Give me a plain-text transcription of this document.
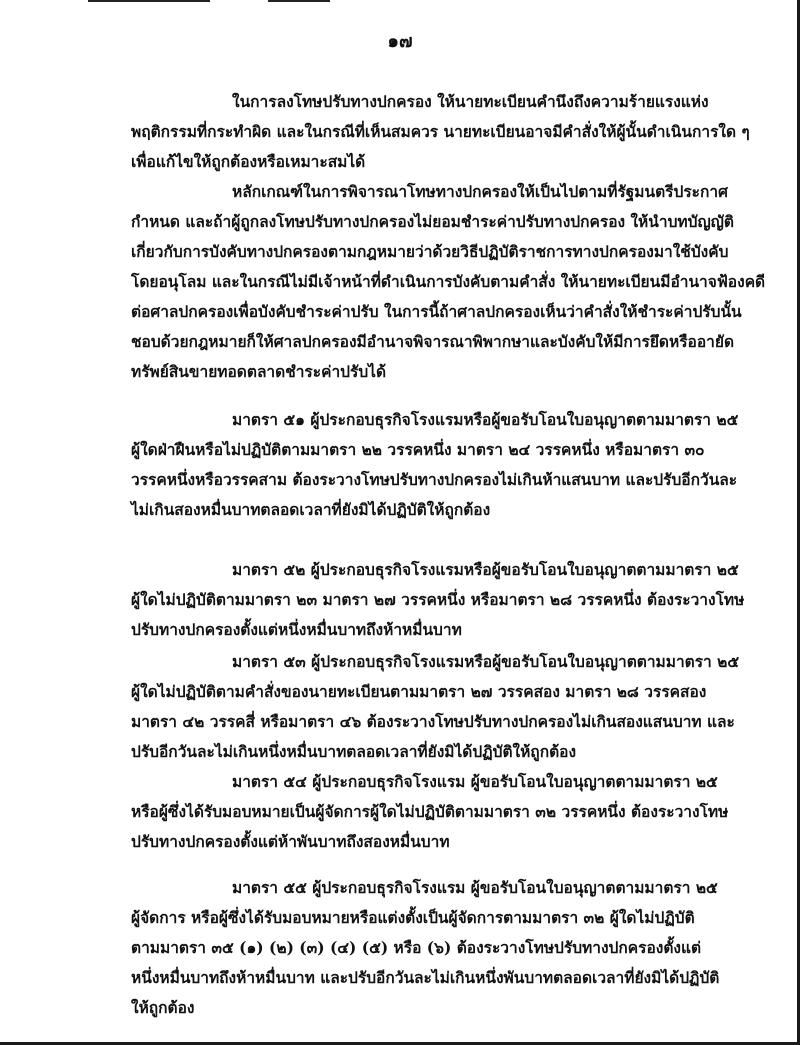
๑๗
ในการลงโทษปรับทางปกครอง ให้นายทะเบียนคำนึงถึงความร้ายแรงแห่ง
พฤติกรรมที่กระทำผิด และในกรณีที่เห็นสมควร นายทะเบียนอาจมีคำสั่งให้ผู้นั้นดำเนินการใด ๆ
เพื่อแก้ไขให้ถูกต้องหรือเหมาะสมได้
หลักเกณฑ์ในการพิจารณาโทษทางปกครองให้เป็นไปตามที่รัฐมนตรีประกาศ
กำหนด และถ้าผู้ถูกลงโทษปรับทางปกครองไม่ยอมชำระค่าปรับทางปกครอง ให้นำบทบัญญัติ
เกี่ยวกับการบังคับทางปกครองตามกฎหมายว่าด้วยวิธีปฏิบัติราชการทางปกครองมาใช้บังคับ
โดยอนุโลม และในกรณีไม่มีเจ้าหน้าที่ดำเนินการบังคับตามคำสั่ง ให้นายทะเบียนมีอำนาจฟ้องคดี
ต่อศาลปกครองเพื่อบังคับชำระค่าปรับ ในการนี้ถ้าศาลปกครองเห็นว่าคำสั่งให้ชำระค่าปรับนั้น
ชอบด้วยกฎหมายก็ให้ศาลปกครองมีอำนาจพิจารณาพิพากษาและบังคับให้มีการยึดหรืออายัด
ทรัพย์สินขายทอดตลาดชำระค่าปรับได้
มาตรา ๕๑ ผู้ประกอบธุรกิจโรงแรมหรือผู้ขอรับโอนใบอนุญาตตามมาตรา ๒๕
ผู้ใดฝ่าฝืนหรือไม่ปฏิบัติตามมาตรา ๒๒ วรรคหนึ่ง มาตรา ๒๔ วรรคหนึ่ง หรือมาตรา ๓๐
วรรคหนึ่งหรือวรรคสาม ต้องระวางโทษปรับทางปกครองไม่เกินห้าแสนบาท และปรับอีกวันละ
ไม่เกินสองหมื่นบาทตลอดเวลาที่ยังมิได้ปฏิบัติให้ถูกต้อง
มาตรา ๕๒ ผู้ประกอบธุรกิจโรงแรมหรือผู้ขอรับโอนใบอนุญาตตามมาตรา ๒๕
ผู้ใดไม่ปฏิบัติตามมาตรา ๒๓ มาตรา ๒๗ วรรคหนึ่ง หรือมาตรา ๒๘ วรรคหนึ่ง ต้องระวางโทษ
ปรับทางปกครองตั้งแต่หนึ่งหมื่นบาทถึงห้าหมื่นบาท
มาตรา ๕๓ ผู้ประกอบธุรกิจโรงแรมหรือผู้ขอรับโอนใบอนุญาตตามมาตรา ๒๕
ผู้ใดไม่ปฏิบัติตามคำสั่งของนายทะเบียนตามมาตรา ๒๗ วรรคสอง มาตรา ๒๘ วรรคสอง
มาตรา ๔๒ วรรคสี่ หรือมาตรา ๔๖ ต้องระวางโทษปรับทางปกครองไม่เกินสองแสนบาท และ
ปรับอีกวันละไม่เกินหนึ่งหมื่นบาทตลอดเวลาที่ยังมิได้ปฏิบัติให้ถูกต้อง
มาตรา ๕๔ ผู้ประกอบธุรกิจโรงแรม ผู้ขอรับโอนใบอนุญาตตามมาตรา ๒๕
หรือผู้ซึ่งได้รับมอบหมายเป็นผู้จัดการผู้ใดไม่ปฏิบัติตามมาตรา ๓๒ วรรคหนึ่ง ต้องระวางโทษ
ปรับทางปกครองตั้งแต่ห้าพันบาทถึงสองหมื่นบาท
มาตรา ๕๕ ผู้ประกอบธุรกิจโรงแรม ผู้ขอรับโอนใบอนุญาตตามมาตรา ๒๕
ผู้จัดการ หรือผู้ซึ่งได้รับมอบหมายหรือแต่งตั้งเป็นผู้จัดการตามมาตรา ๓๒ ผู้ใดไม่ปฏิบัติ
ตามมาตรา ๓๕ (๑) (๒) (๓) (๔) (๕) หรือ (๖) ต้องระวางโทษปรับทางปกครองตั้งแต่
หนึ่งหมื่นบาทถึงห้าหมื่นบาท และปรับอีกวันละไม่เกินหนึ่งพันบาทตลอดเวลาที่ยังมิได้ปฏิบัติ
ให้ถูกต้อง
